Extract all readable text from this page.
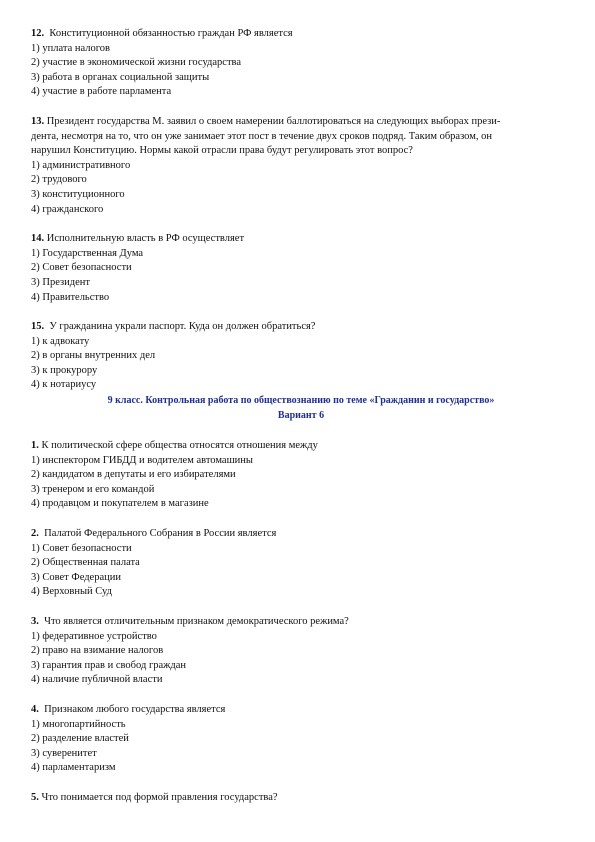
12. Конституционной обязанностью граждан РФ является
1) уплата налогов
2) участие в экономической жизни государства
3) работа в органах социальной защиты
4) участие в работе парламента
13. Президент государства М. заявил о своем намерении баллотироваться на следующих выборах прези-
дента, несмотря на то, что он уже занимает этот пост в течение двух сроков подряд. Таким образом, он
нарушил Конституцию. Нормы какой отрасли права будут регулировать этот вопрос?
1) административного
2) трудового
3) конституционного
4) гражданского
14. Исполнительную власть в РФ осуществляет
1) Государственная Дума
2) Совет безопасности
3) Президент
4) Правительство
15. У гражданина украли паспорт. Куда он должен обратиться?
1) к адвокату
2) в органы внутренних дел
3) к прокурору
4) к нотариусу

9 класс. Контрольная работа по обществознанию по теме «Гражданин и государство»

Вариант 6

1. К политической сфере общества относятся отношения между
1) инспектором ГИБДД и водителем автомашины
2) кандидатом в депутаты и его избирателями
3) тренером и его командой
4) продавцом и покупателем в магазине
2. Палатой Федерального Собрания в России является
1) Совет безопасности
2) Общественная палата
3) Совет Федерации
4) Верховный Суд
3. Что является отличительным признаком демократического режима?
1) федеративное устройство
2) право на взимание налогов
3) гарантия прав и свобод граждан
4) наличие публичной власти
4. Признаком любого государства является
1) многопартийность
2) разделение властей
3) суверенитет
4) парламентаризм
5. Что понимается под формой правления государства?
